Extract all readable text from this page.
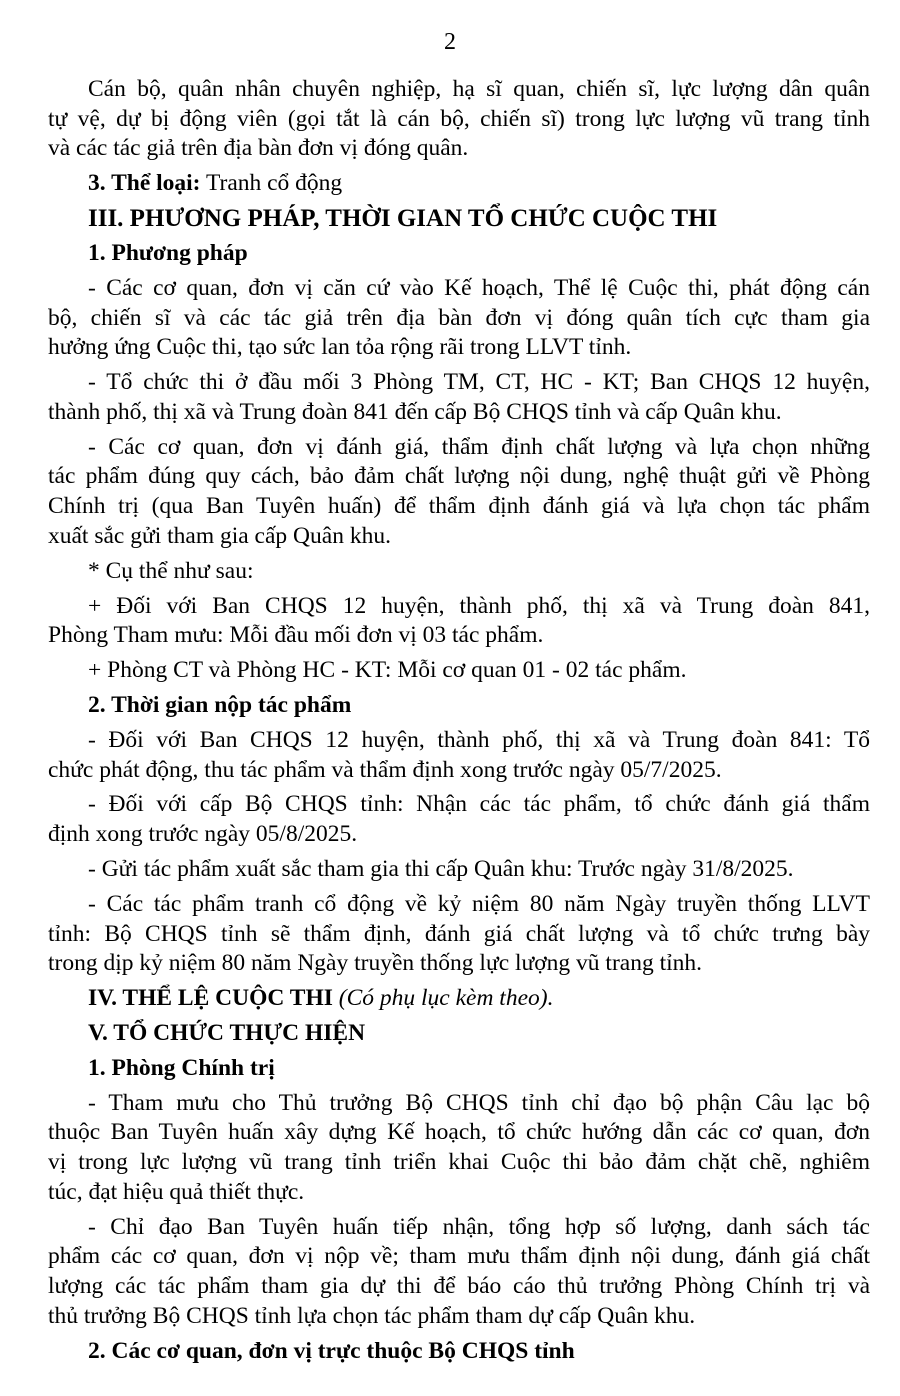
2
Cán bộ, quân nhân chuyên nghiệp, hạ sĩ quan, chiến sĩ, lực lượng dân quân
tự vệ, dự bị động viên (gọi tắt là cán bộ, chiến sĩ) trong lực lượng vũ trang tỉnh
và các tác giả trên địa bàn đơn vị đóng quân.
3. Thể loại: Tranh cổ động
III. PHƯƠNG PHÁP, THỜI GIAN TỔ CHỨC CUỘC THI
1. Phương pháp
- Các cơ quan, đơn vị căn cứ vào Kế hoạch, Thể lệ Cuộc thi, phát động cán
bộ, chiến sĩ và các tác giả trên địa bàn đơn vị đóng quân tích cực tham gia
hưởng ứng Cuộc thi, tạo sức lan tỏa rộng rãi trong LLVT tỉnh.
- Tổ chức thi ở đầu mối 3 Phòng TM, CT, HC - KT; Ban CHQS 12 huyện,
thành phố, thị xã và Trung đoàn 841 đến cấp Bộ CHQS tỉnh và cấp Quân khu.
- Các cơ quan, đơn vị đánh giá, thẩm định chất lượng và lựa chọn những
tác phẩm đúng quy cách, bảo đảm chất lượng nội dung, nghệ thuật gửi về Phòng
Chính trị (qua Ban Tuyên huấn) để thẩm định đánh giá và lựa chọn tác phẩm
xuất sắc gửi tham gia cấp Quân khu.
* Cụ thể như sau:
+ Đối với Ban CHQS 12 huyện, thành phố, thị xã và Trung đoàn 841,
Phòng Tham mưu: Mỗi đầu mối đơn vị 03 tác phẩm.
+ Phòng CT và Phòng HC - KT: Mỗi cơ quan 01 - 02 tác phẩm.
2. Thời gian nộp tác phẩm
- Đối với Ban CHQS 12 huyện, thành phố, thị xã và Trung đoàn 841: Tổ
chức phát động, thu tác phẩm và thẩm định xong trước ngày 05/7/2025.
- Đối với cấp Bộ CHQS tỉnh: Nhận các tác phẩm, tổ chức đánh giá thẩm
định xong trước ngày 05/8/2025.
- Gửi tác phẩm xuất sắc tham gia thi cấp Quân khu: Trước ngày 31/8/2025.
- Các tác phẩm tranh cổ động về kỷ niệm 80 năm Ngày truyền thống LLVT
tỉnh: Bộ CHQS tỉnh sẽ thẩm định, đánh giá chất lượng và tổ chức trưng bày
trong dịp kỷ niệm 80 năm Ngày truyền thống lực lượng vũ trang tỉnh.
IV. THỂ LỆ CUỘC THI (Có phụ lục kèm theo).
V. TỔ CHỨC THỰC HIỆN
1. Phòng Chính trị
- Tham mưu cho Thủ trưởng Bộ CHQS tỉnh chỉ đạo bộ phận Câu lạc bộ
thuộc Ban Tuyên huấn xây dựng Kế hoạch, tổ chức hướng dẫn các cơ quan, đơn
vị trong lực lượng vũ trang tỉnh triển khai Cuộc thi bảo đảm chặt chẽ, nghiêm
túc, đạt hiệu quả thiết thực.
- Chỉ đạo Ban Tuyên huấn tiếp nhận, tổng hợp số lượng, danh sách tác
phẩm các cơ quan, đơn vị nộp về; tham mưu thẩm định nội dung, đánh giá chất
lượng các tác phẩm tham gia dự thi để báo cáo thủ trưởng Phòng Chính trị và
thủ trưởng Bộ CHQS tỉnh lựa chọn tác phẩm tham dự cấp Quân khu.
2. Các cơ quan, đơn vị trực thuộc Bộ CHQS tỉnh
